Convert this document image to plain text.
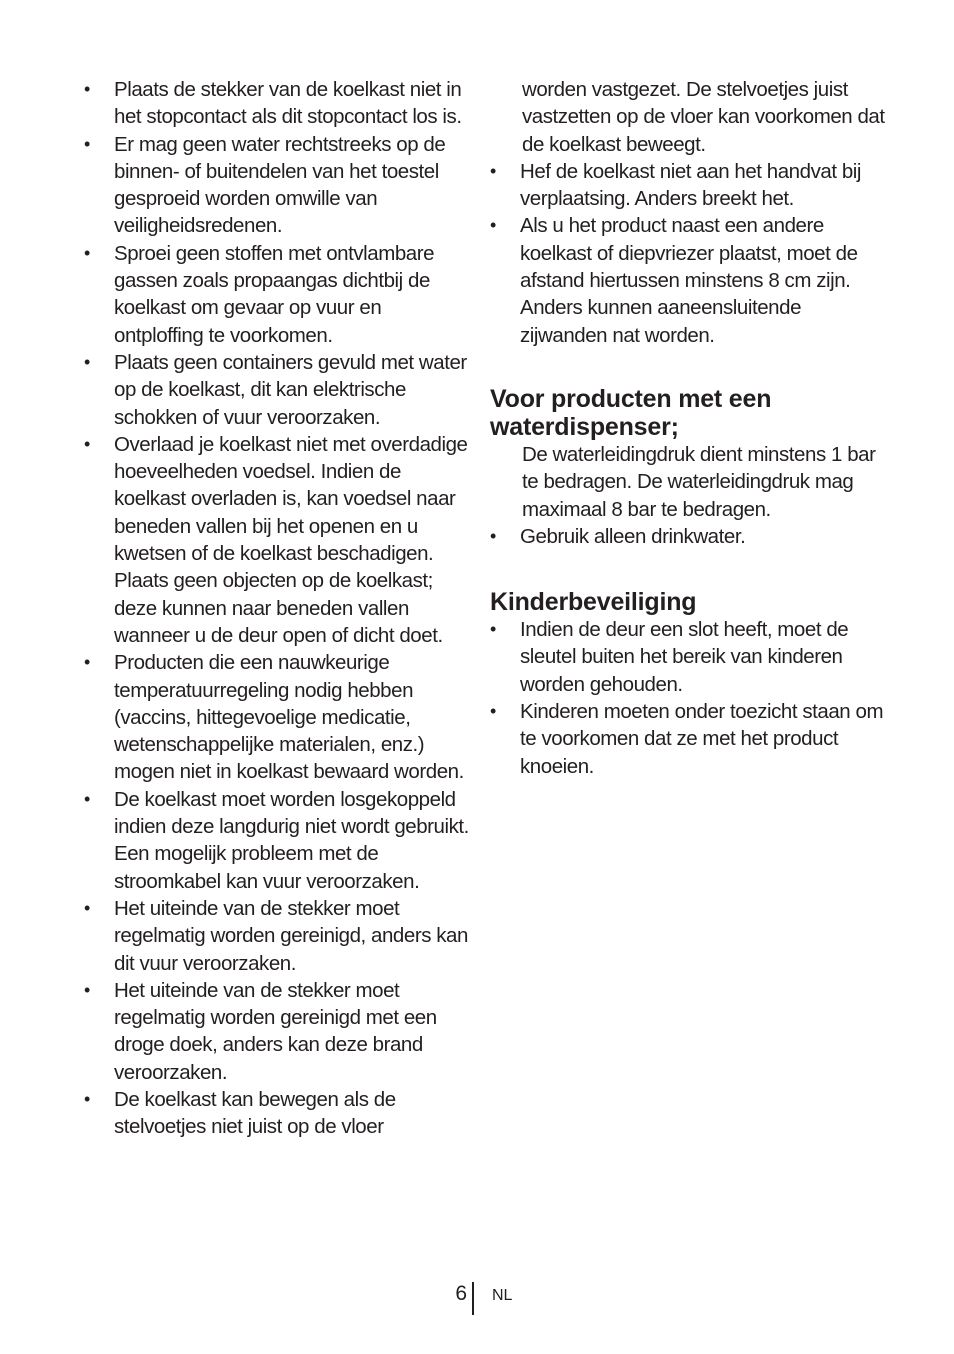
• Plaats de stekker van de koelkast niet in het stopcontact als dit stopcontact los is.
• Er mag geen water rechtstreeks op de binnen- of buitendelen van het toestel gesproeid worden omwille van veiligheidsredenen.
• Sproei geen stoffen met ontvlambare gassen zoals propaangas dichtbij de koelkast om gevaar op vuur en ontploffing te voorkomen.
• Plaats geen containers gevuld met water op de koelkast, dit kan elektrische schokken of vuur veroorzaken.
• Overlaad je koelkast niet met overdadige hoeveelheden voedsel. Indien de koelkast overladen is, kan voedsel naar beneden vallen bij het openen en u kwetsen of de koelkast beschadigen. Plaats geen objecten op de koelkast; deze kunnen naar beneden vallen wanneer u de deur open of dicht doet.
• Producten die een nauwkeurige temperatuurregeling nodig hebben (vaccins, hittegevoelige medicatie, wetenschappelijke materialen, enz.) mogen niet in koelkast bewaard worden.
• De koelkast moet worden losgekoppeld indien deze langdurig niet wordt gebruikt. Een mogelijk probleem met de stroomkabel kan vuur veroorzaken.
• Het uiteinde van de stekker moet regelmatig worden gereinigd, anders kan dit vuur veroorzaken.
• Het uiteinde van de stekker moet regelmatig worden gereinigd met een droge doek, anders kan deze brand veroorzaken.
• De koelkast kan bewegen als de stelvoetjes niet juist op de vloer
worden vastgezet. De stelvoetjes juist vastzetten op de vloer kan voorkomen dat de koelkast beweegt.
• Hef de koelkast niet aan het handvat bij verplaatsing. Anders breekt het.
• Als u het product naast een andere koelkast of diepvriezer plaatst, moet de afstand hiertussen minstens 8 cm zijn. Anders kunnen aaneensluitende zijwanden nat worden.
Voor producten met een
waterdispenser;
De waterleidingdruk dient minstens 1 bar te bedragen. De waterleidingdruk mag maximaal 8 bar te bedragen.
• Gebruik alleen drinkwater.
Kinderbeveiliging
• Indien de deur een slot heeft, moet de sleutel buiten het bereik van kinderen worden gehouden.
• Kinderen moeten onder toezicht staan om te voorkomen dat ze met het product knoeien.
6 NL
